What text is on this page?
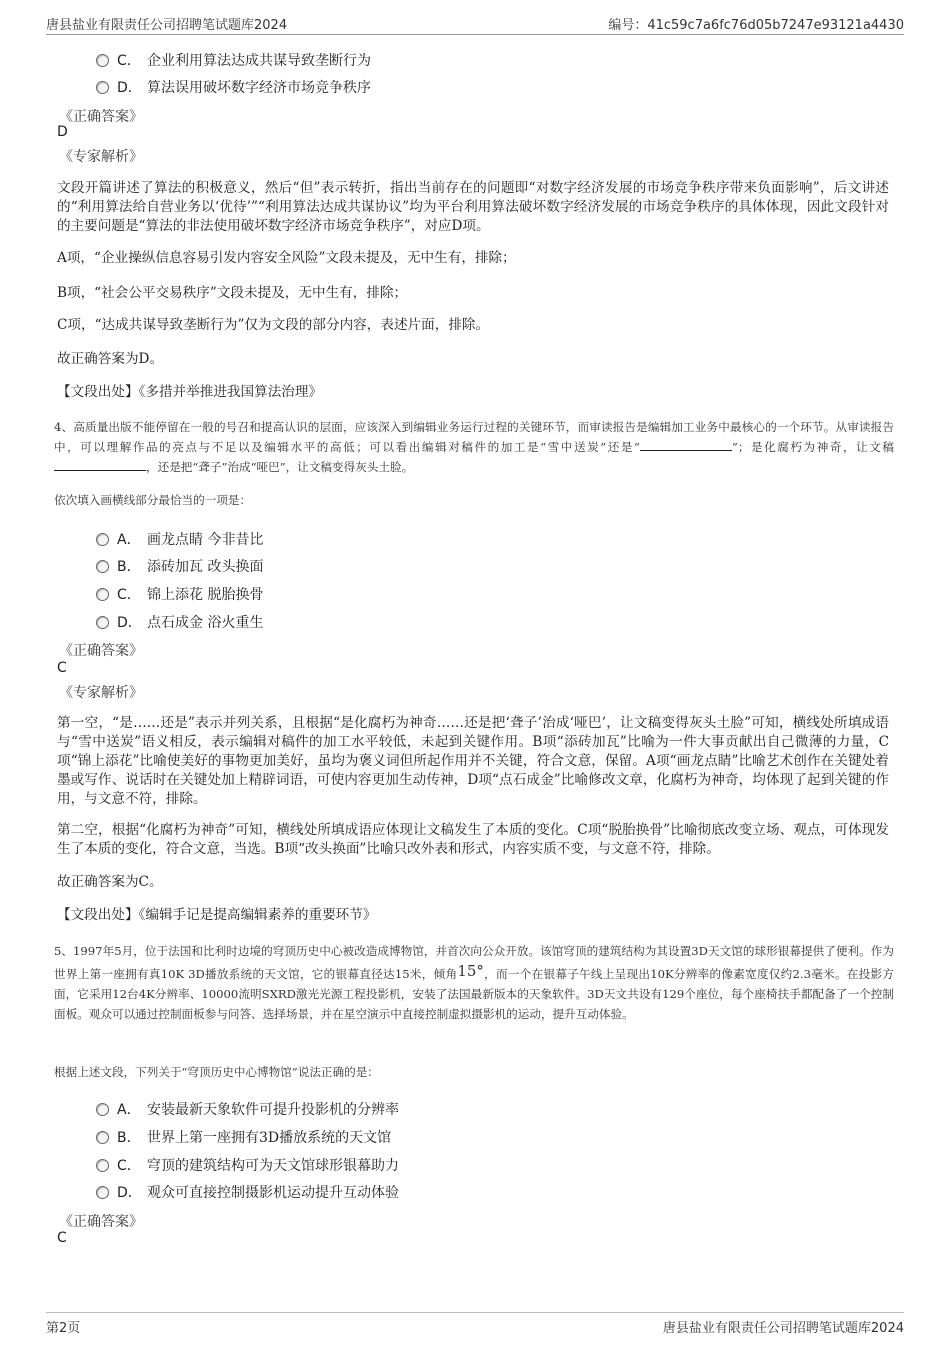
唐县盐业有限责任公司招聘笔试题库2024	编号：41c59c7a6fc76d05b7247e93121a4430
C． 企业利用算法达成共谋导致垄断行为
D． 算法误用破坏数字经济市场竞争秩序
《正确答案》
D
《专家解析》
文段开篇讲述了算法的积极意义，然后“但”表示转折，指出当前存在的问题即“对数字经济发展的市场竞争秩序带来负面影响”，后文讲述的“利用算法给自营业务以‘优待’”“利用算法达成共谋协议”均为平台利用算法破坏数字经济发展的市场竞争秩序的具体体现，因此文段针对的主要问题是“算法的非法使用破坏数字经济市场竞争秩序”，对应D项。
A项，“企业操纵信息容易引发内容安全风险”文段未提及，无中生有，排除；
B项，“社会公平交易秩序”文段未提及，无中生有，排除；
C项，“达成共谋导致垄断行为”仅为文段的部分内容，表述片面，排除。
故正确答案为D。
【文段出处】《多措并举推进我国算法治理》
4、高质量出版不能停留在一般的号召和提高认识的层面，应该深入到编辑业务运行过程的关键环节，而审读报告是编辑加工业务中最核心的一个环节。从审读报告中，可以理解作品的亮点与不足以及编辑水平的高低；可以看出编辑对稿件的加工是“雪中送炭”还是“	”；是化腐朽为神奇，让文稿，还是把“聋子”治成“哑巴”，让文稿变得灰头土脸。
依次填入画横线部分最恰当的一项是：
A． 画龙点睛 今非昔比
B． 添砖加瓦 改头换面
C． 锦上添花 脱胎换骨
D． 点石成金 浴火重生
《正确答案》
C
《专家解析》
第一空，“是……还是”表示并列关系，且根据“是化腐朽为神奇……还是把‘聋子’治成‘哑巴’，让文稿变得灰头土脸”可知，横线处所填成语与“雪中送炭”语义相反，表示编辑对稿件的加工水平较低，未起到关键作用。B项“添砖加瓦”比喻为一件大事贡献出自己微薄的力量，C项“锦上添花”比喻使美好的事物更加美好，虽均为褒义词但所起作用并不关键，符合文意，保留。A项“画龙点睛”比喻艺术创作在关键处着墨或写作、说话时在关键处加上精辟词语，可使内容更加生动传神，D项“点石成金”比喻修改文章，化腐朽为神奇，均体现了起到关键的作用，与文意不符，排除。
第二空，根据“化腐朽为神奇”可知，横线处所填成语应体现让文稿发生了本质的变化。C项“脱胎换骨”比喻彻底改变立场、观点，可体现发生了本质的变化，符合文意，当选。B项“改头换面”比喻只改外表和形式，内容实质不变，与文意不符，排除。
故正确答案为C。
【文段出处】《编辑手记是提高编辑素养的重要环节》
5、1997年5月，位于法国和比利时边境的穹顶历史中心被改造成博物馆，并首次向公众开放。该馆穹顶的建筑结构为其设置3D天文馆的球形银幕提供了便利。作为世界上第一座拥有真10K 3D播放系统的天文馆，它的银幕直径达15米，倾角15°，而一个在银幕子午线上呈现出10K分辨率的像素宽度仅约2.3毫米。在投影方面，它采用12台4K分辨率、10000流明SXRD激光光源工程投影机，安装了法国最新版本的天象软件。3D天文共设有129个座位，每个座椅扶手都配备了一个控制面板。观众可以通过控制面板参与问答、选择场景，并在星空演示中直接控制虚拟摄影机的运动，提升互动体验。
根据上述文段，下列关于“穹顶历史中心博物馆”说法正确的是：
A． 安装最新天象软件可提升投影机的分辨率
B． 世界上第一座拥有3D播放系统的天文馆
C． 穹顶的建筑结构可为天文馆球形银幕助力
D． 观众可直接控制摄影机运动提升互动体验
《正确答案》
C
第2页	唐县盐业有限责任公司招聘笔试题库2024
